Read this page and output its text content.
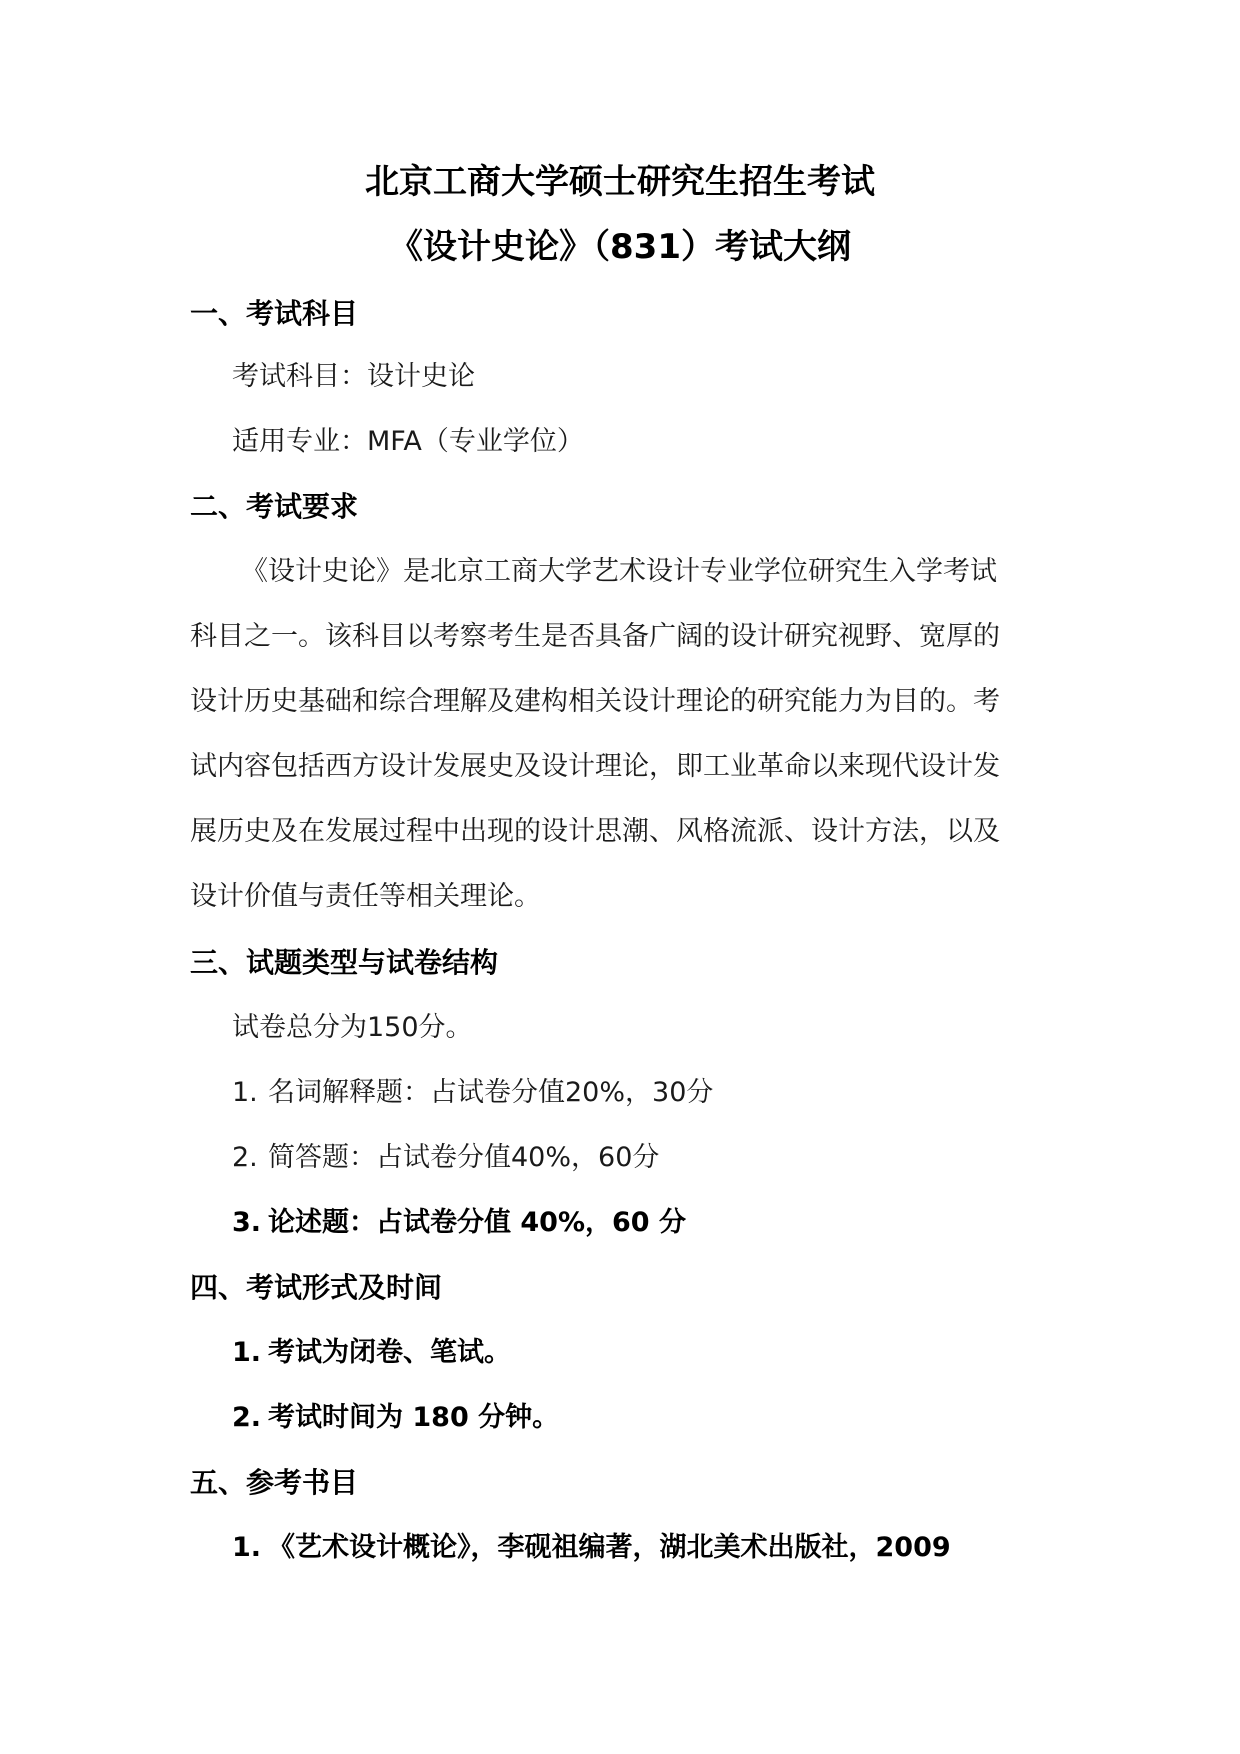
北京工商大学硕士研究生招生考试
《设计史论》（831）考试大纲
一、考试科目
考试科目：设计史论
适用专业：MFA（专业学位）
二、考试要求
《设计史论》是北京工商大学艺术设计专业学位研究生入学考试
科目之一。该科目以考察考生是否具备广阔的设计研究视野、宽厚的
设计历史基础和综合理解及建构相关设计理论的研究能力为目的。考
试内容包括西方设计发展史及设计理论，即工业革命以来现代设计发
展历史及在发展过程中出现的设计思潮、风格流派、设计方法，以及
设计价值与责任等相关理论。
三、试题类型与试卷结构
试卷总分为150分。
1. 名词解释题：占试卷分值20%，30分
2. 简答题：占试卷分值40%，60分
3. 论述题：占试卷分值 40%，60 分
四、考试形式及时间
1. 考试为闭卷、笔试。
2. 考试时间为 180 分钟。
五、参考书目
1. 《艺术设计概论》，李砚祖编著，湖北美术出版社，2009
